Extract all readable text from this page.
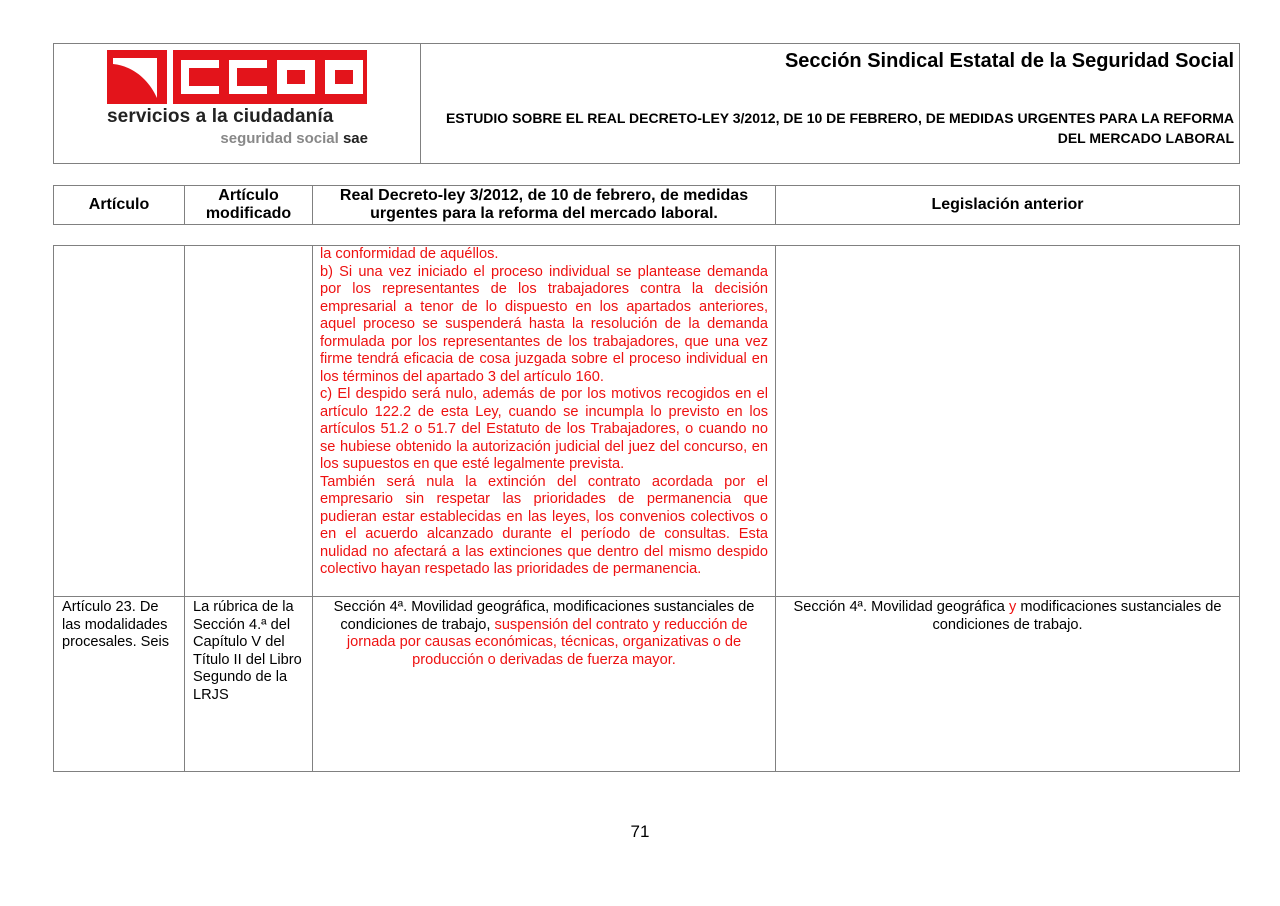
servicios a la ciudadanía
seguridad social sae
Sección Sindical Estatal de la Seguridad Social
ESTUDIO SOBRE EL REAL DECRETO-LEY 3/2012, DE 10 DE FEBRERO, DE MEDIDAS URGENTES PARA LA REFORMA DEL MERCADO LABORAL
Artículo
Artículo modificado
Real Decreto-ley 3/2012, de 10 de febrero, de medidas urgentes para la reforma del mercado laboral.
Legislación anterior

la conformidad de aquéllos.

b) Si una vez iniciado el proceso individual se plantease demanda por los representantes de los trabajadores contra la decisión empresarial a tenor de lo dispuesto en los apartados anteriores, aquel proceso se suspenderá hasta la resolución de la demanda formulada por los representantes de los trabajadores, que una vez firme tendrá eficacia de cosa juzgada sobre el proceso individual en los términos del apartado 3 del artículo 160.

c) El despido será nulo, además de por los motivos recogidos en el artículo 122.2 de esta Ley, cuando se incumpla lo previsto en los artículos 51.2 o 51.7 del Estatuto de los Trabajadores, o cuando no se hubiese obtenido la autorización judicial del juez del concurso, en los supuestos en que esté legalmente prevista.

También será nula la extinción del contrato acordada por el empresario sin respetar las prioridades de permanencia que pudieran estar establecidas en las leyes, los convenios colectivos o en el acuerdo alcanzado durante el período de consultas. Esta nulidad no afectará a las extinciones que dentro del mismo despido colectivo hayan respetado las prioridades de permanencia.

Artículo 23. De las modalidades procesales. Seis
La rúbrica de la Sección 4.ª del Capítulo V del Título II del Libro Segundo de la LRJS
Sección 4ª. Movilidad geográfica, modificaciones sustanciales de condiciones de trabajo, suspensión del contrato y reducción de jornada por causas económicas, técnicas, organizativas o de producción o derivadas de fuerza mayor.
Sección 4ª. Movilidad geográfica y modificaciones sustanciales de condiciones de trabajo.
71
